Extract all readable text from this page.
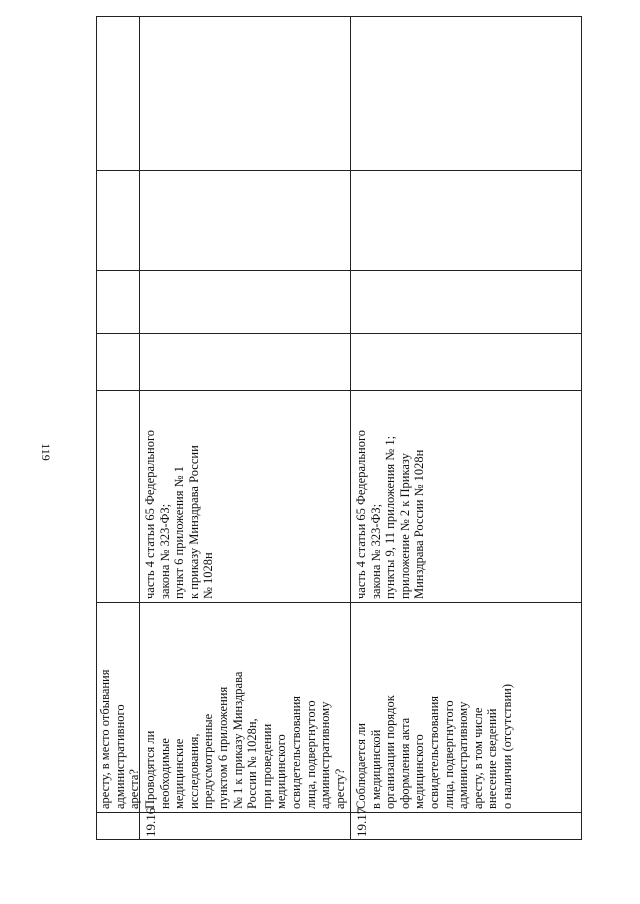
119
аресту, в место отбывания административного ареста?
19.16
Проводятся ли необходимые медицинские исследования, предусмотренные пунктом 6 приложения № 1 к приказу Минздрава России № 1028н, при проведении медицинского освидетельствования лица, подвергнутого административному аресту?
часть 4 статьи 65 Федерального закона № 323-ФЗ; пункт 6 приложения № 1 к приказу Минздрава России № 1028н
19.17
Соблюдается ли в медицинской организации порядок оформления акта медицинского освидетельствования лица, подвергнутого административному аресту, в том числе внесение сведений о наличии (отсутствии)
часть 4 статьи 65 Федерального закона № 323-ФЗ; пункты 9, 11 приложения № 1; приложение № 2 к Приказу Минздрава России № 1028н
